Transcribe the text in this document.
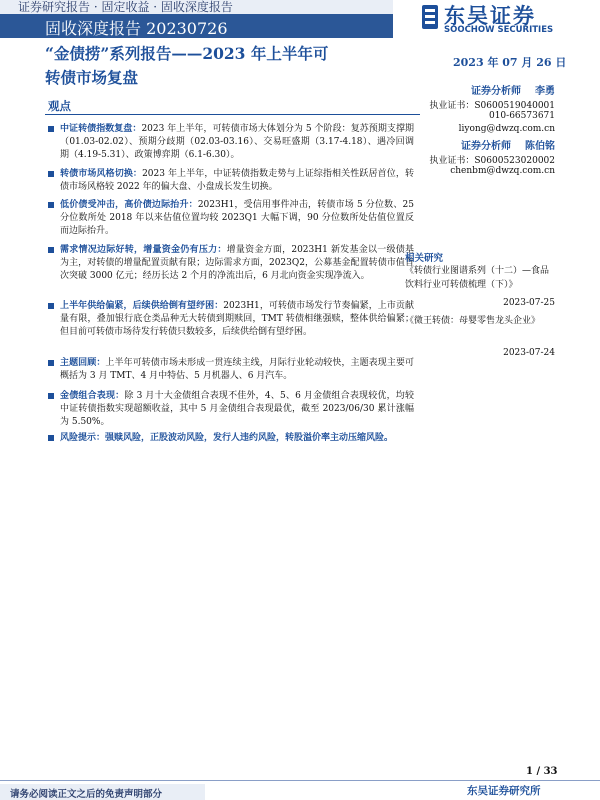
证券研究报告 · 固定收益 · 固收深度报告
固收深度报告 20230726
东吴证券
SOOCHOW SECURITIES
“金债捞”系列报告——2023 年上半年可
转债市场复盘
2023 年 07 月 26 日
观点
中证转债指数复盘：2023 年上半年，可转债市场大体划分为 5 个阶段：复苏预期支撑期（01.03-02.02）、预期分歧期（02.03-03.16）、交易旺盛期（3.17-4.18）、遇冷回调期（4.19-5.31）、政策博弈期（6.1-6.30）。
转债市场风格切换：2023 年上半年，中证转债指数走势与上证综指相关性跃居首位，转债市场风格较 2022 年的偏大盘、小盘成长发生切换。
低价债受冲击，高价债边际抬升：2023H1，受信用事件冲击，转债市场 5 分位数、25 分位数所处 2018 年以来估值位置均较 2023Q1 大幅下调，90 分位数所处估值位置反而边际抬升。
需求情况边际好转，增量资金仍有压力：增量资金方面，2023H1 新发基金以一级债基为主，对转债的增量配置贡献有限；边际需求方面，2023Q2，公募基金配置转债市值首次突破 3000 亿元；经历长达 2 个月的净流出后，6 月北向资金实现净流入。
上半年供给偏紧，后续供给倒有望纾困：2023H1，可转债市场发行节奏偏紧，上市贡献量有限，叠加银行底仓类品种无大转债到期赎回，TMT 转债相继强赎，整体供给偏紧；但目前可转债市场待发行转债只数较多，后续供给倒有望纾困。
主题回顾：上半年可转债市场未形成一贯连续主线，月际行业轮动较快，主题表现主要可概括为 3 月 TMT、4 月中特估、5 月机器人、6 月汽车。
金债组合表现：除 3 月十大金债组合表现不佳外，4、5、6 月金债组合表现较优，均较中证转债指数实现超额收益，其中 5 月金债组合表现最优，截至 2023/06/30 累计涨幅为 5.50%。
风险提示：强赎风险，正股波动风险，发行人违约风险，转股溢价率主动压缩风险。
证券分析师 李勇
执业证书：S0600519040001
010-66573671
liyong@dwzq.com.cn
证券分析师 陈伯铭
执业证书：S0600523020002
chenbm@dwzq.com.cn
相关研究
《转债行业图谱系列（十二）—食品饮料行业可转债梳理（下）》
2023-07-25
《微王转债：母婴零售龙头企业》
2023-07-24
1 / 33
请务必阅读正文之后的免责声明部分	东吴证券研究所
